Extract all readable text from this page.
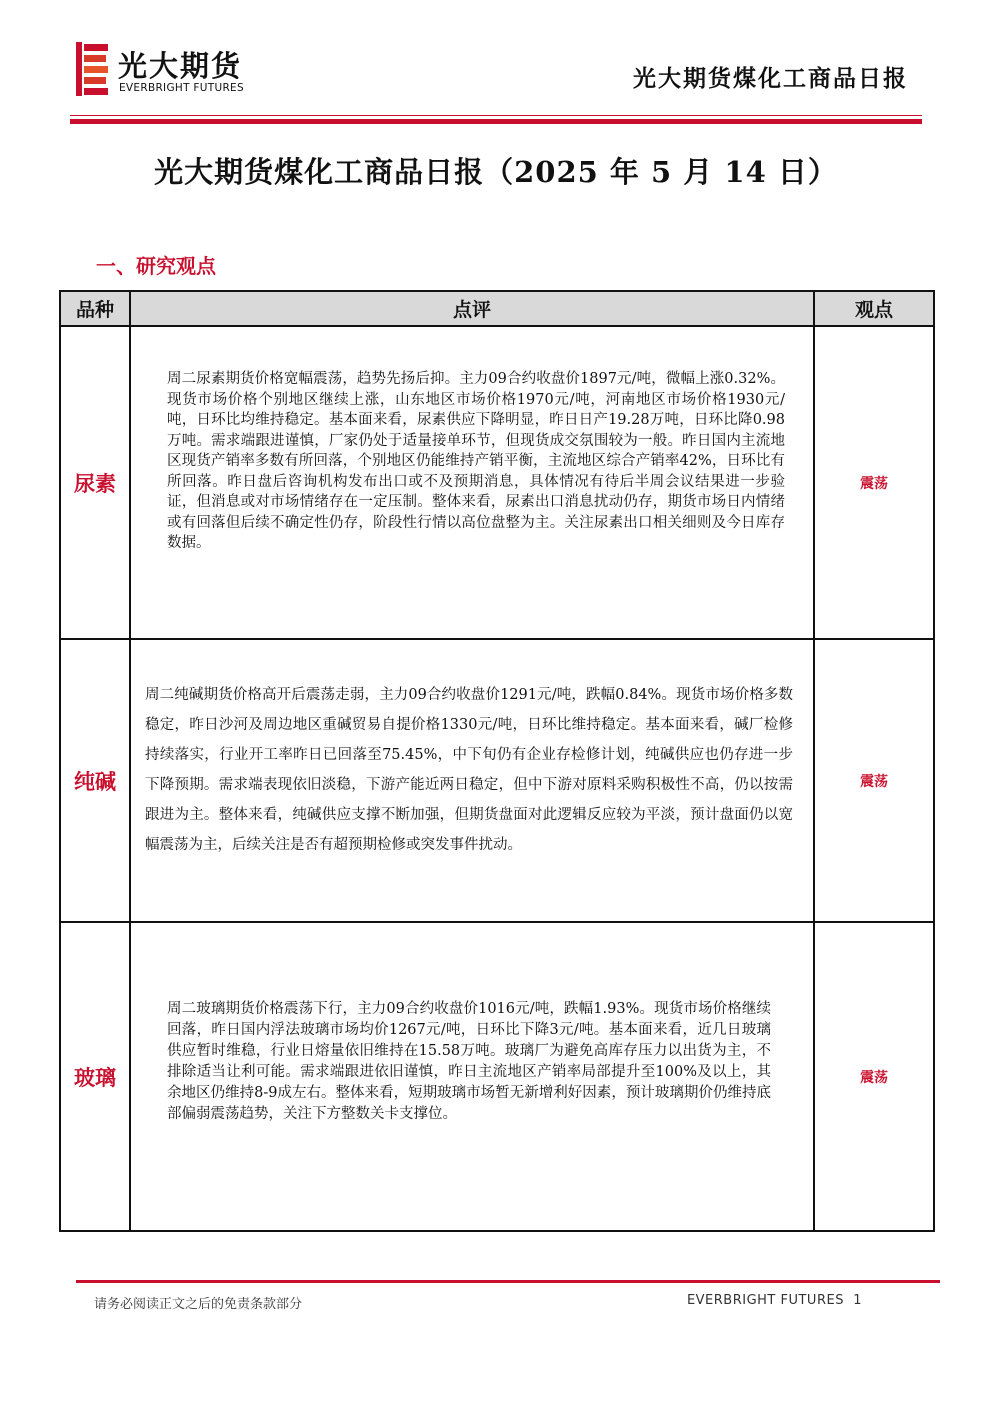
光大期货
EVERBRIGHT FUTURES	光大期货煤化工商品日报
光大期货煤化工商品日报（2025 年 5 月 14 日）
一、研究观点
品种	点评	观点
尿素	周二尿素期货价格宽幅震荡，趋势先扬后抑。主力09合约收盘价1897元/吨，微幅上涨0.32%。现货市场价格个别地区继续上涨，山东地区市场价格1970元/吨，河南地区市场价格1930元/吨，日环比均维持稳定。基本面来看，尿素供应下降明显，昨日日产19.28万吨，日环比降0.98万吨。需求端跟进谨慎，厂家仍处于适量接单环节，但现货成交氛围较为一般。昨日国内主流地区现货产销率多数有所回落，个别地区仍能维持产销平衡，主流地区综合产销率42%，日环比有所回落。昨日盘后咨询机构发布出口或不及预期消息，具体情况有待后半周会议结果进一步验证，但消息或对市场情绪存在一定压制。整体来看，尿素出口消息扰动仍存，期货市场日内情绪或有回落但后续不确定性仍存，阶段性行情以高位盘整为主。关注尿素出口相关细则及今日库存数据。	震荡
纯碱	周二纯碱期货价格高开后震荡走弱，主力09合约收盘价1291元/吨，跌幅0.84%。现货市场价格多数稳定，昨日沙河及周边地区重碱贸易自提价格1330元/吨，日环比维持稳定。基本面来看，碱厂检修持续落实，行业开工率昨日已回落至75.45%，中下旬仍有企业存检修计划，纯碱供应也仍存进一步下降预期。需求端表现依旧淡稳，下游产能近两日稳定，但中下游对原料采购积极性不高，仍以按需跟进为主。整体来看，纯碱供应支撑不断加强，但期货盘面对此逻辑反应较为平淡，预计盘面仍以宽幅震荡为主，后续关注是否有超预期检修或突发事件扰动。	震荡
玻璃	周二玻璃期货价格震荡下行，主力09合约收盘价1016元/吨，跌幅1.93%。现货市场价格继续回落，昨日国内浮法玻璃市场均价1267元/吨，日环比下降3元/吨。基本面来看，近几日玻璃供应暂时维稳，行业日熔量依旧维持在15.58万吨。玻璃厂为避免高库存压力以出货为主，不排除适当让利可能。需求端跟进依旧谨慎，昨日主流地区产销率局部提升至100%及以上，其余地区仍维持8-9成左右。整体来看，短期玻璃市场暂无新增利好因素，预计玻璃期价仍维持底部偏弱震荡趋势，关注下方整数关卡支撑位。	震荡
请务必阅读正文之后的免责条款部分	EVERBRIGHT FUTURES 1
